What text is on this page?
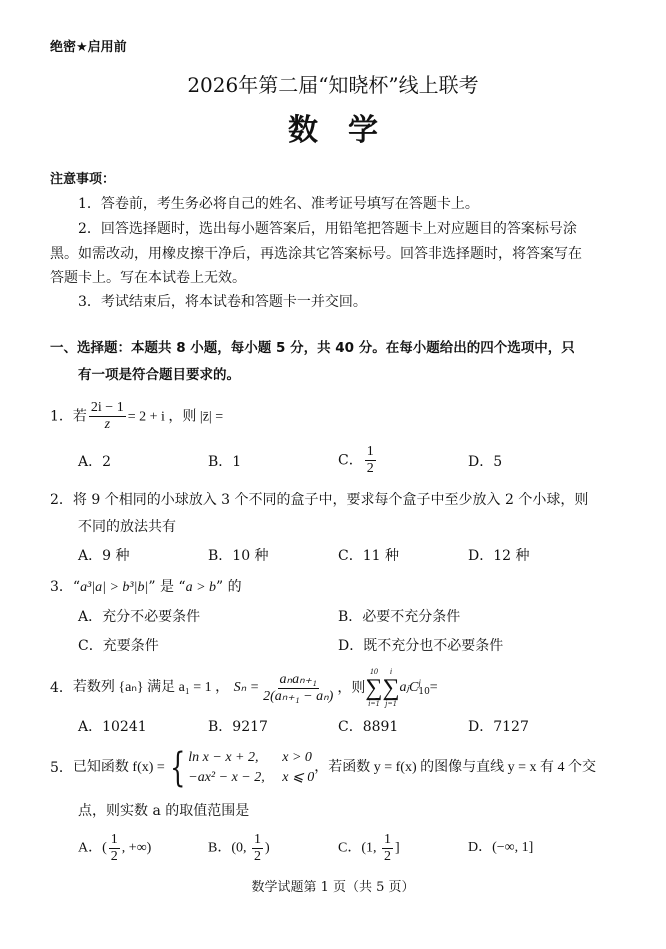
绝密★启用前
2026年第二届“知晓杯”线上联考
数　学
注意事项：
1．答卷前，考生务必将自己的姓名、准考证号填写在答题卡上。
2．回答选择题时，选出每小题答案后，用铅笔把答题卡上对应题目的答案标号涂
黑。如需改动，用橡皮擦干净后，再选涂其它答案标号。回答非选择题时，将答案写在
答题卡上。写在本试卷上无效。
3．考试结束后，将本试卷和答题卡一并交回。
一、选择题：本题共 8 小题，每小题 5 分，共 40 分。在每小题给出的四个选项中，只
有一项是符合题目要求的。
1．若 $\frac{2i - 1}{z} = 2 + i$ ，则 |z̄| =
A．2	B．1	C． $\frac{1}{2}$	D．5
2．将 9 个相同的小球放入 3 个不同的盒子中，要求每个盒子中至少放入 2 个小球，则
不同的放法共有
A．9 种	B．10 种	C．11 种	D．12 种
3．“a³|a| > b³|b|” 是 “a > b” 的
A．充分不必要条件	B．必要不充分条件
C．充要条件	D．既不充分也不必要条件
4． 若数列 {aₙ} 满足 a₁ = 1 ，
$S_n = \frac{\text{aₙaₙ₊₁}}{\text{2(aₙ₊₁ − aₙ)}}$ ，则
10
∑
i=1
i
∑
j=1
aⱼC j
10 =
A．10241	B．9217	C．8891	D．7127
5． 已知函数 f(x) = { ln x − x + 2, x > 0
−ax² − x − 2, x ⩽ 0
，若函数 y = f(x) 的图像与直线 y = x 有 4 个交
点，则实数 a 的取值范围是
A．( $\frac{1}{2}$ , +∞)	B．(0, $\frac{1}{2}$ )	C．(1, $\frac{1}{2}$ ]	D．(−∞, 1]
数学试题第 1 页（共 5 页）
